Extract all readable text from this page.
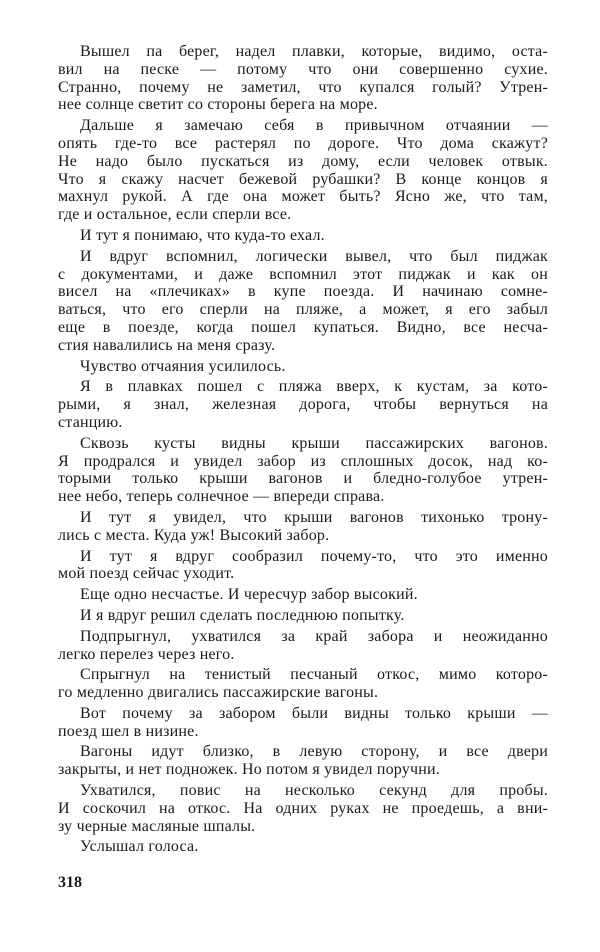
Вышел па берег, надел плавки, которые, видимо, оста-
вил на песке — потому что они совершенно сухие.
Странно, почему не заметил, что купался голый? Утрен-
нее солнце светит со стороны берега на море.
Дальше я замечаю себя в привычном отчаянии —
опять где-то все растерял по дороге. Что дома скажут?
Не надо было пускаться из дому, если человек отвык.
Что я скажу насчет бежевой рубашки? В конце концов я
махнул рукой. А где она может быть? Ясно же, что там,
где и остальное, если сперли все.
И тут я понимаю, что куда-то ехал.
И вдруг вспомнил, логически вывел, что был пиджак
с документами, и даже вспомнил этот пиджак и как он
висел на «плечиках» в купе поезда. И начинаю сомне-
ваться, что его сперли на пляже, а может, я его забыл
еще в поезде, когда пошел купаться. Видно, все несча-
стия навалились на меня сразу.
Чувство отчаяния усилилось.
Я в плавках пошел с пляжа вверх, к кустам, за кото-
рыми, я знал, железная дорога, чтобы вернуться на
станцию.
Сквозь кусты видны крыши пассажирских вагонов.
Я продрался и увидел забор из сплошных досок, над ко-
торыми только крыши вагонов и бледно-голубое утрен-
нее небо, теперь солнечное — впереди справа.
И тут я увидел, что крыши вагонов тихонько трону-
лись с места. Куда уж! Высокий забор.
И тут я вдруг сообразил почему-то, что это именно
мой поезд сейчас уходит.
Еще одно несчастье. И чересчур забор высокий.
И я вдруг решил сделать последнюю попытку.
Подпрыгнул, ухватился за край забора и неожиданно
легко перелез через него.
Спрыгнул на тенистый песчаный откос, мимо которо-
го медленно двигались пассажирские вагоны.
Вот почему за забором были видны только крыши —
поезд шел в низине.
Вагоны идут близко, в левую сторону, и все двери
закрыты, и нет подножек. Но потом я увидел поручни.
Ухватился, повис на несколько секунд для пробы.
И соскочил на откос. На одних руках не проедешь, а вни-
зу черные масляные шпалы.
Услышал голоса.
318
